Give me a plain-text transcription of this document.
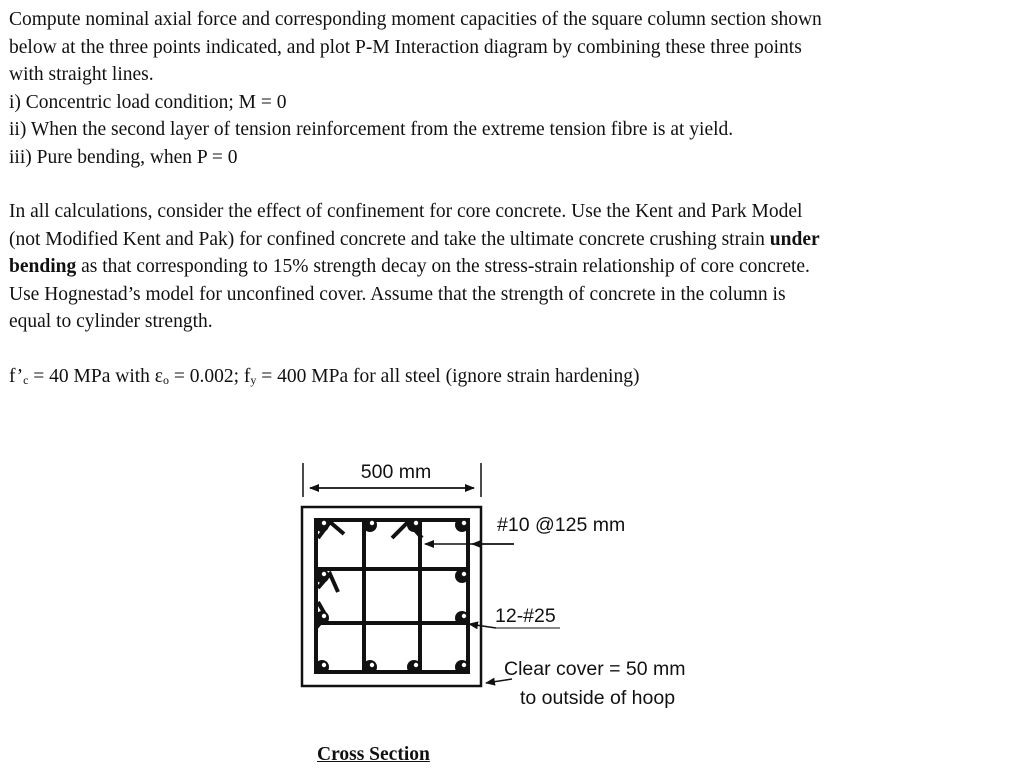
Compute nominal axial force and corresponding moment capacities of the square column section shown
below at the three points indicated, and plot P-M Interaction diagram by combining these three points
with straight lines.
i) Concentric load condition; M = 0
ii) When the second layer of tension reinforcement from the extreme tension fibre is at yield.
iii) Pure bending, when P = 0

In all calculations, consider the effect of confinement for core concrete. Use the Kent and Park Model
(not Modified Kent and Pak) for confined concrete and take the ultimate concrete crushing strain under
bending as that corresponding to 15% strength decay on the stress-strain relationship of core concrete.
Use Hognestad’s model for unconfined cover. Assume that the strength of concrete in the column is
equal to cylinder strength.

$f’_c = 40$ MPa with $\varepsilon_o = 0.002$; $f_y = 400$ MPa for all steel (ignore strain hardening)

500 mm
#10 @125 mm
12-#25
Clear cover = 50 mm
to outside of hoop
Cross Section
